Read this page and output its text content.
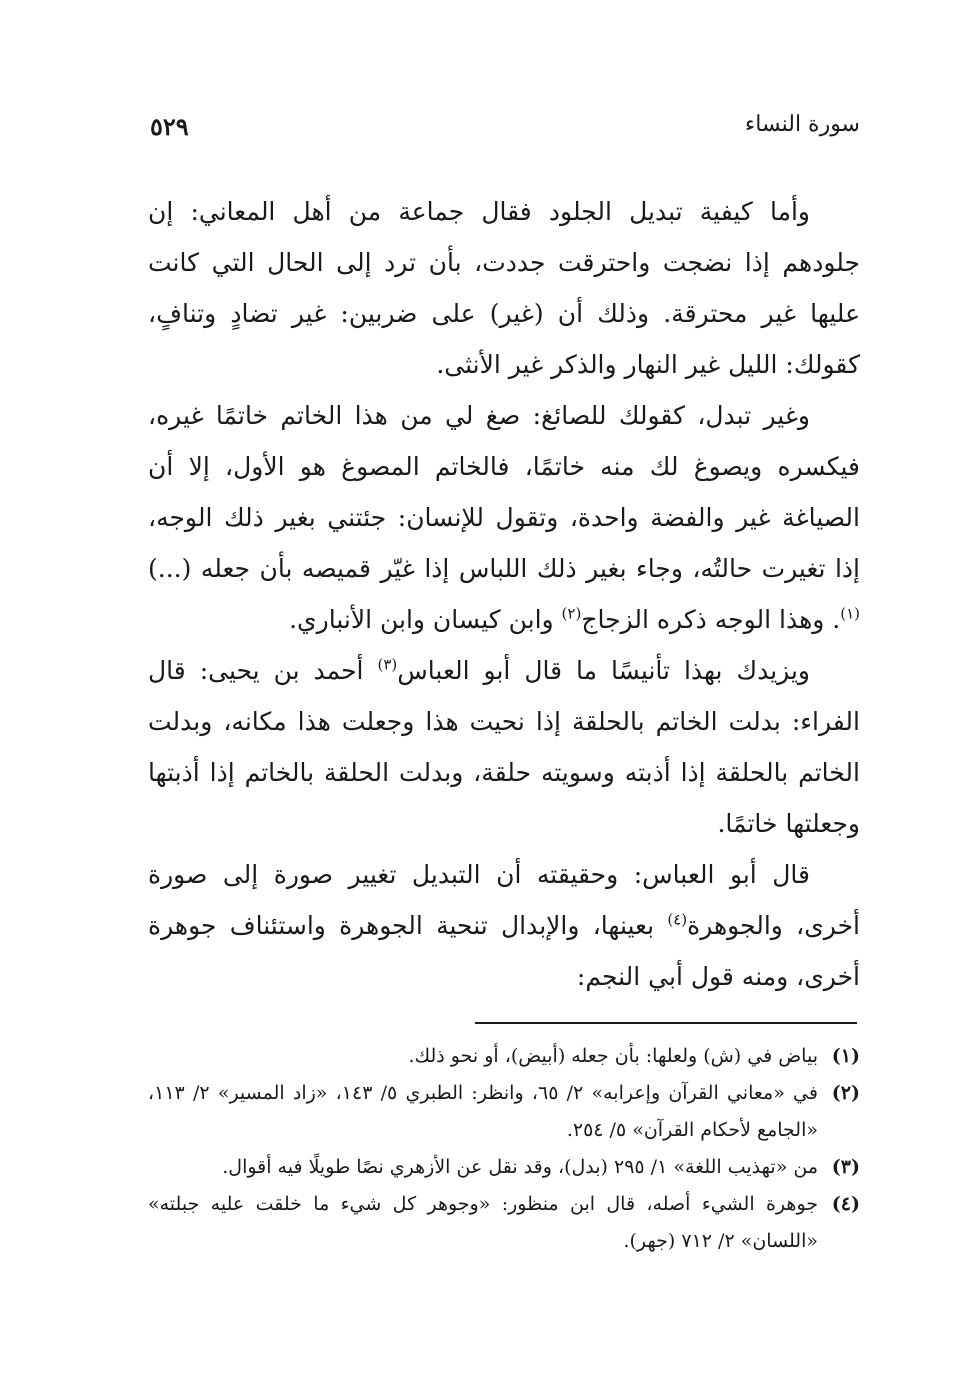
سورة النساء
٥٢٩

وأما كيفية تبديل الجلود فقال جماعة من أهل المعاني: إن جلودهم إذا نضجت واحترقت جددت، بأن ترد إلى الحال التي كانت عليها غير محترقة. وذلك أن (غير) على ضربين: غير تضادٍ وتنافٍ، كقولك: الليل غير النهار والذكر غير الأنثى.

وغير تبدل، كقولك للصائغ: صغ لي من هذا الخاتم خاتمًا غيره، فيكسره ويصوغ لك منه خاتمًا، فالخاتم المصوغ هو الأول، إلا أن الصياغة غير والفضة واحدة، وتقول للإنسان: جئتني بغير ذلك الوجه، إذا تغيرت حالتُه، وجاء بغير ذلك اللباس إذا غيّر قميصه بأن جعله (...)$^{(١)}$. وهذا الوجه ذكره الزجاج$^{(٢)}$ وابن كيسان وابن الأنباري.

ويزيدك بهذا تأنيسًا ما قال أبو العباس$^{(٣)}$ أحمد بن يحيى: قال الفراء: بدلت الخاتم بالحلقة إذا نحيت هذا وجعلت هذا مكانه، وبدلت الخاتم بالحلقة إذا أذبته وسويته حلقة، وبدلت الحلقة بالخاتم إذا أذبتها وجعلتها خاتمًا.

قال أبو العباس: وحقيقته أن التبديل تغيير صورة إلى صورة أخرى، والجوهرة$^{(٤)}$ بعينها، والإبدال تنحية الجوهرة واستئناف جوهرة أخرى، ومنه قول أبي النجم:

(١)
بياض في (ش) ولعلها: بأن جعله (أبيض)، أو نحو ذلك.
(٢)
في «معاني القرآن وإعرابه» ٢/ ٦٥، وانظر: الطبري ٥/ ١٤٣، «زاد المسير» ٢/ ١١٣، «الجامع لأحكام القرآن» ٥/ ٢٥٤.
(٣)
من «تهذيب اللغة» ١/ ٢٩٥ (بدل)، وقد نقل عن الأزهري نصًا طويلًا فيه أقوال.
(٤)
جوهرة الشيء أصله، قال ابن منظور: «وجوهر كل شيء ما خلقت عليه جبلته» «اللسان» ٢/ ٧١٢ (جهر).
